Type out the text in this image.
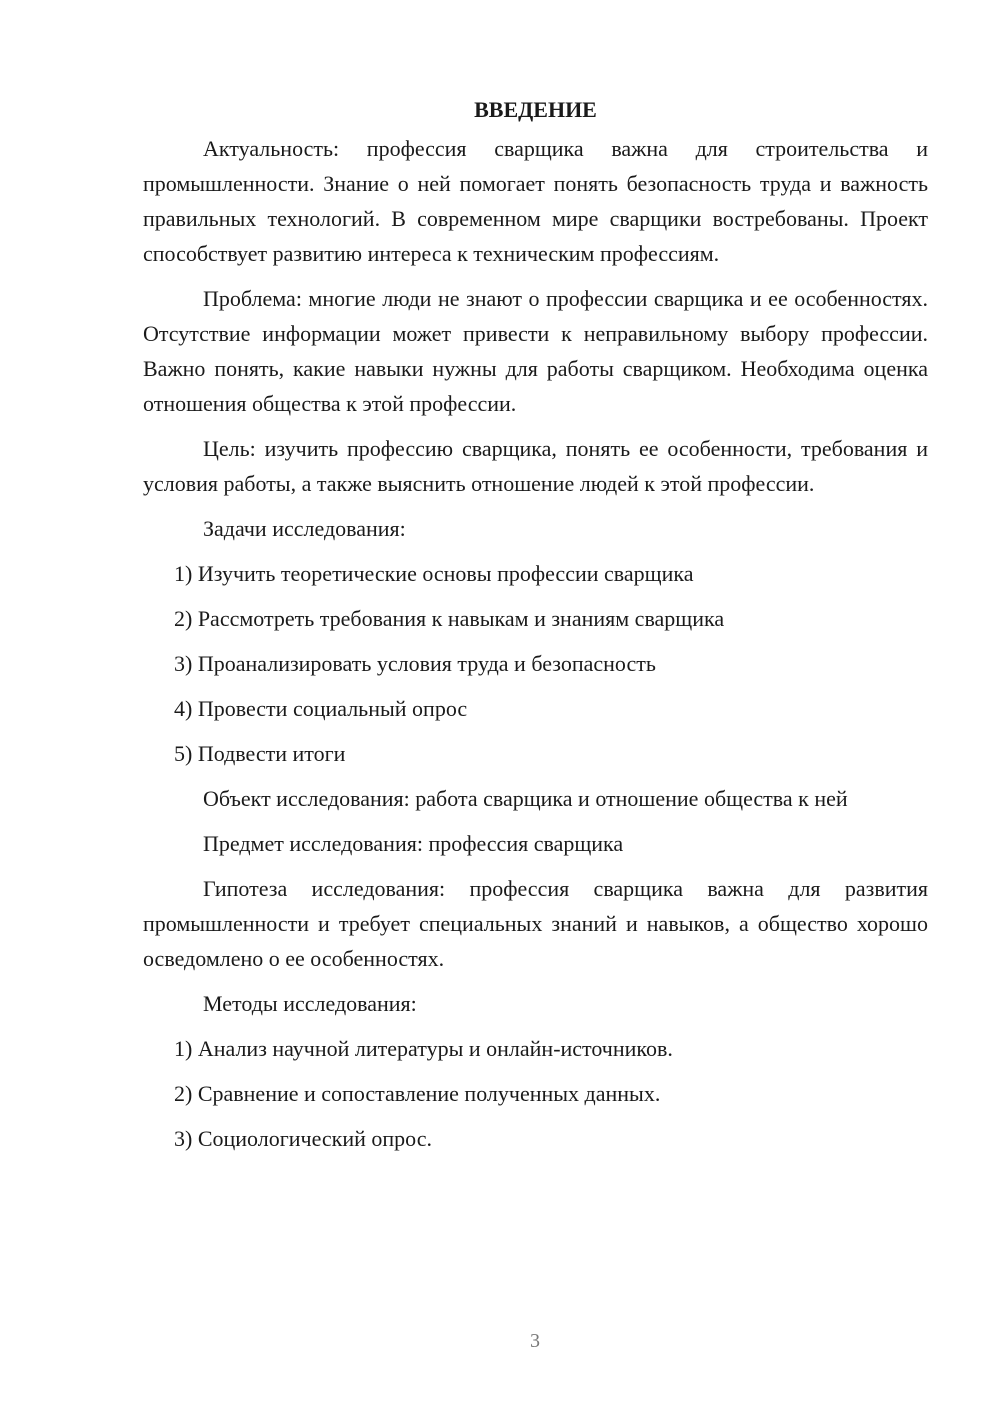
ВВЕДЕНИЕ

Актуальность: профессия сварщика важна для строительства и промышленности. Знание о ней помогает понять безопасность труда и важность правильных технологий. В современном мире сварщики востребованы. Проект способствует развитию интереса к техническим профессиям.

Проблема: многие люди не знают о профессии сварщика и ее особенностях. Отсутствие информации может привести к неправильному выбору профессии. Важно понять, какие навыки нужны для работы сварщиком. Необходима оценка отношения общества к этой профессии.

Цель: изучить профессию сварщика, понять ее особенности, требования и условия работы, а также выяснить отношение людей к этой профессии.

Задачи исследования:

1) Изучить теоретические основы профессии сварщика

2) Рассмотреть требования к навыкам и знаниям сварщика

3) Проанализировать условия труда и безопасность

4) Провести социальный опрос

5) Подвести итоги

Объект исследования: работа сварщика и отношение общества к ней

Предмет исследования: профессия сварщика

Гипотеза исследования: профессия сварщика важна для развития промышленности и требует специальных знаний и навыков, а общество хорошо осведомлено о ее особенностях.

Методы исследования:

1) Анализ научной литературы и онлайн-источников.

2) Сравнение и сопоставление полученных данных.

3) Социологический опрос.

3
